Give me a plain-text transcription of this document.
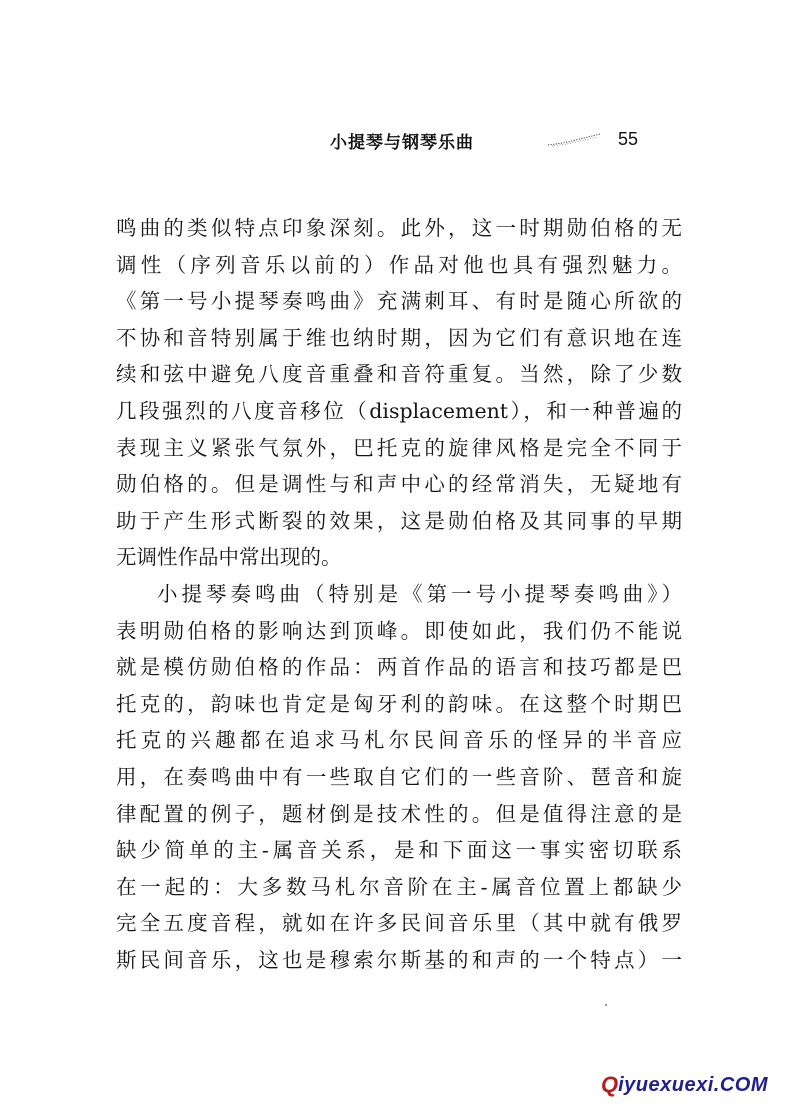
小提琴与钢琴乐曲	55
鸣曲的类似特点印象深刻。此外，这一时期勋伯格的无
调性（序列音乐以前的）作品对他也具有强烈魅力。
《第一号小提琴奏鸣曲》充满刺耳、有时是随心所欲的
不协和音特别属于维也纳时期，因为它们有意识地在连
续和弦中避免八度音重叠和音符重复。当然，除了少数
几段强烈的八度音移位（displacement），和一种普遍的
表现主义紧张气氛外，巴托克的旋律风格是完全不同于
勋伯格的。但是调性与和声中心的经常消失，无疑地有
助于产生形式断裂的效果，这是勋伯格及其同事的早期
无调性作品中常出现的。
小提琴奏鸣曲（特别是《第一号小提琴奏鸣曲》）
表明勋伯格的影响达到顶峰。即使如此，我们仍不能说
就是模仿勋伯格的作品：两首作品的语言和技巧都是巴
托克的，韵味也肯定是匈牙利的韵味。在这整个时期巴
托克的兴趣都在追求马札尔民间音乐的怪异的半音应
用，在奏鸣曲中有一些取自它们的一些音阶、琶音和旋
律配置的例子，题材倒是技术性的。但是值得注意的是
缺少简单的主-属音关系，是和下面这一事实密切联系
在一起的：大多数马札尔音阶在主-属音位置上都缺少
完全五度音程，就如在许多民间音乐里（其中就有俄罗
斯民间音乐，这也是穆索尔斯基的和声的一个特点）一
Q iyuexuexi.COM
